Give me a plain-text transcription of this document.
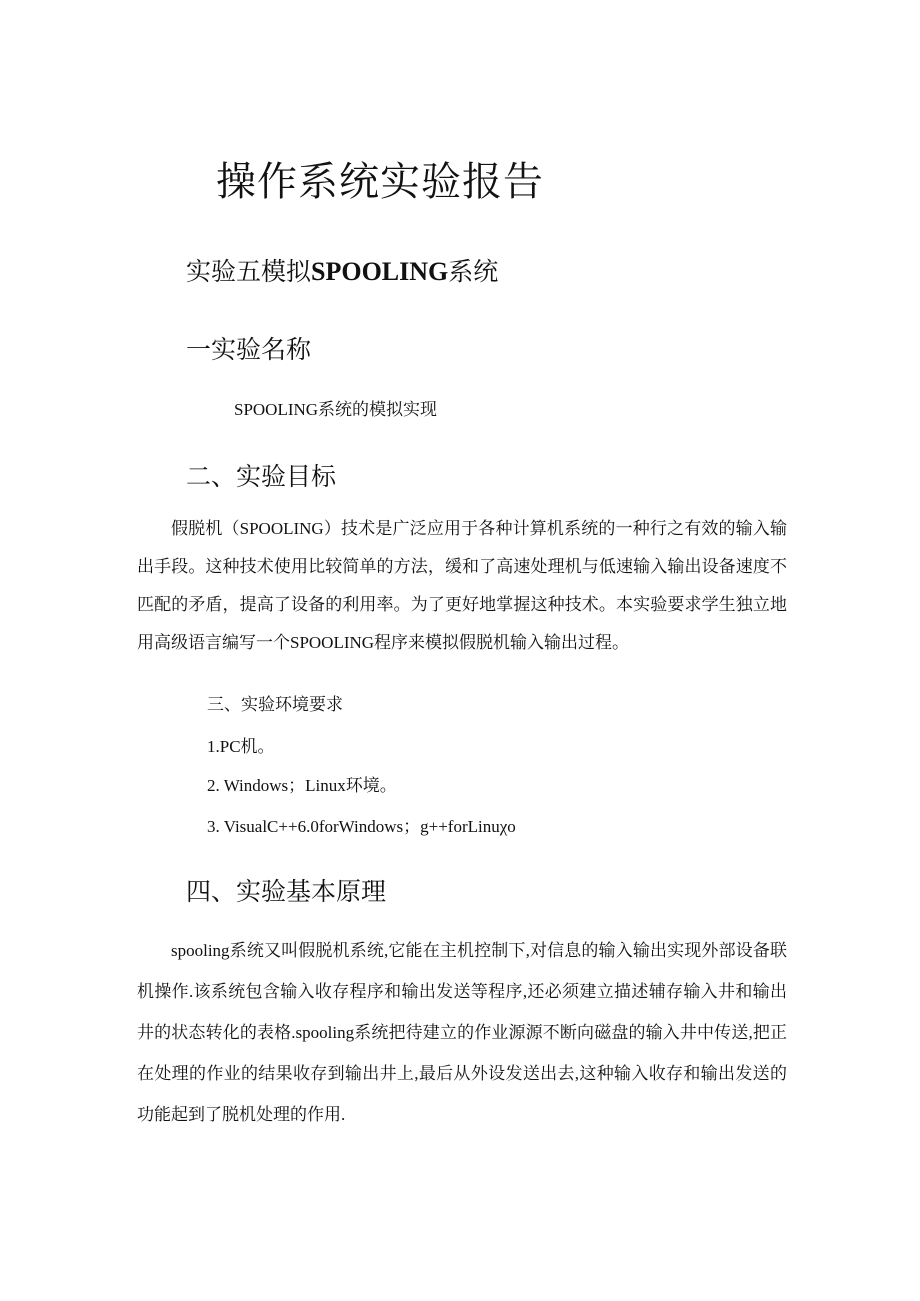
操作系统实验报告
实验五模拟SPOOLING系统
一实验名称
SPOOLING系统的模拟实现
二、实验目标
假脱机（SPOOLING）技术是广泛应用于各种计算机系统的一种行之有效的输入输出手段。这种技术使用比较简单的方法，缓和了高速处理机与低速输入输出设备速度不匹配的矛盾，提高了设备的利用率。为了更好地掌握这种技术。本实验要求学生独立地用高级语言编写一个SPOOLING程序来模拟假脱机输入输出过程。
三、实验环境要求
1.PC机。
2. Windows；Linux环境。
3. VisualC++6.0forWindows；g++forLinuχo
四、实验基本原理
spooling系统又叫假脱机系统,它能在主机控制下,对信息的输入输出实现外部设备联机操作.该系统包含输入收存程序和输出发送等程序,还必须建立描述辅存输入井和输出井的状态转化的表格.spooling系统把待建立的作业源源不断向磁盘的输入井中传送,把正在处理的作业的结果收存到输出井上,最后从外设发送出去,这种输入收存和输出发送的功能起到了脱机处理的作用.
